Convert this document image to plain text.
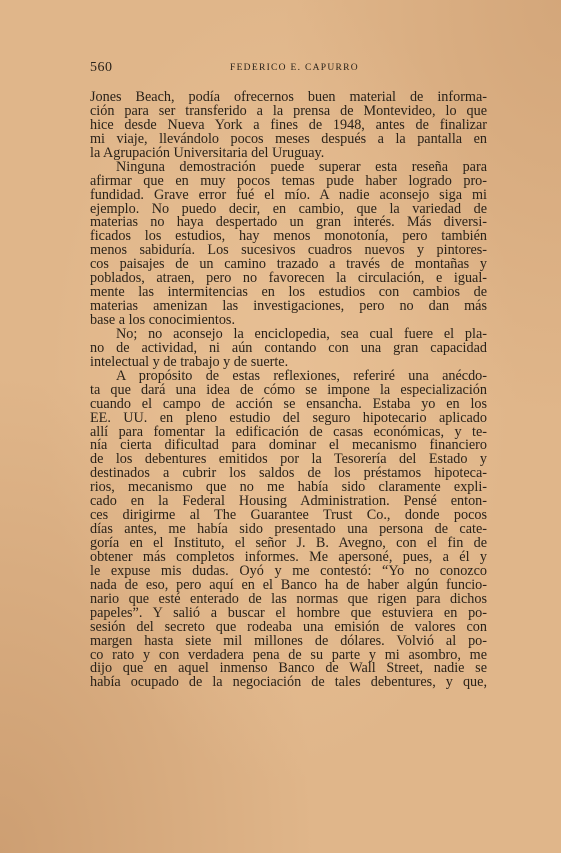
560	FEDERICO E. CAPURRO
Jones Beach, podía ofrecernos buen material de informa-
ción para ser transferido a la prensa de Montevideo, lo que
hice desde Nueva York a fines de 1948, antes de finalizar
mi viaje, llevándolo pocos meses después a la pantalla en
la Agrupación Universitaria del Uruguay.
Ninguna demostración puede superar esta reseña para
afirmar que en muy pocos temas pude haber logrado pro-
fundidad. Grave error fué el mío. A nadie aconsejo siga mi
ejemplo. No puedo decir, en cambio, que la variedad de
materias no haya despertado un gran interés. Más diversi-
ficados los estudios, hay menos monotonía, pero también
menos sabiduría. Los sucesivos cuadros nuevos y pintores-
cos paisajes de un camino trazado a través de montañas y
poblados, atraen, pero no favorecen la circulación, e igual-
mente las intermitencias en los estudios con cambios de
materias amenizan las investigaciones, pero no dan más
base a los conocimientos.
No; no aconsejo la enciclopedia, sea cual fuere el pla-
no de actividad, ni aún contando con una gran capacidad
intelectual y de trabajo y de suerte.
A propósito de estas reflexiones, referiré una anécdo-
ta que dará una idea de cómo se impone la especialización
cuando el campo de acción se ensancha. Estaba yo en los
EE. UU. en pleno estudio del seguro hipotecario aplicado
allí para fomentar la edificación de casas económicas, y te-
nía cierta dificultad para dominar el mecanismo financiero
de los debentures emitidos por la Tesorería del Estado y
destinados a cubrir los saldos de los préstamos hipoteca-
rios, mecanismo que no me había sido claramente expli-
cado en la Federal Housing Administration. Pensé enton-
ces dirigirme al The Guarantee Trust Co., donde pocos
días antes, me había sido presentado una persona de cate-
goría en el Instituto, el señor J. B. Avegno, con el fin de
obtener más completos informes. Me apersoné, pues, a él y
le expuse mis dudas. Oyó y me contestó: “Yo no conozco
nada de eso, pero aquí en el Banco ha de haber algún funcio-
nario que esté enterado de las normas que rigen para dichos
papeles”. Y salió a buscar el hombre que estuviera en po-
sesión del secreto que rodeaba una emisión de valores con
margen hasta siete mil millones de dólares. Volvió al po-
co rato y con verdadera pena de su parte y mi asombro, me
dijo que en aquel inmenso Banco de Wall Street, nadie se
había ocupado de la negociación de tales debentures, y que,
